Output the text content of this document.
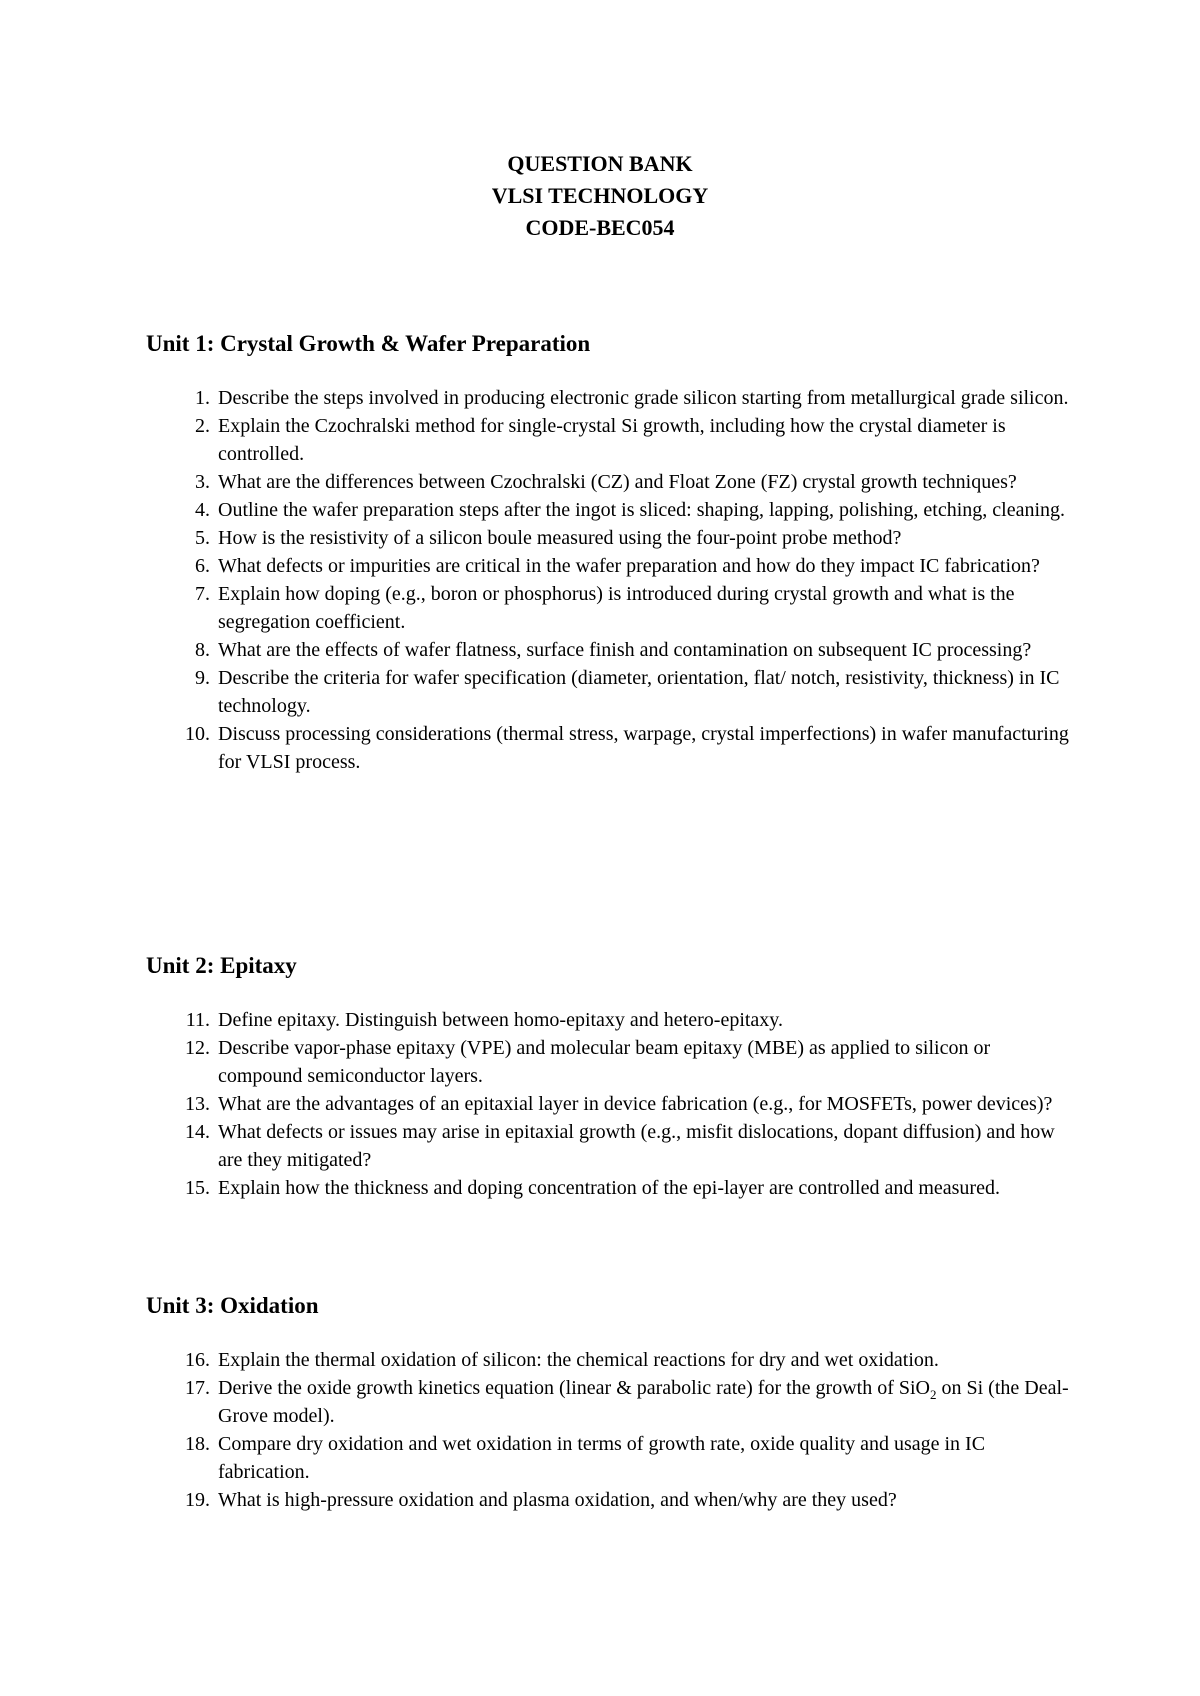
QUESTION BANK
VLSI TECHNOLOGY
CODE-BEC054
Unit 1: Crystal Growth & Wafer Preparation
1. Describe the steps involved in producing electronic grade silicon starting from metallurgical grade silicon.
2. Explain the Czochralski method for single-crystal Si growth, including how the crystal diameter is controlled.
3. What are the differences between Czochralski (CZ) and Float Zone (FZ) crystal growth techniques?
4. Outline the wafer preparation steps after the ingot is sliced: shaping, lapping, polishing, etching, cleaning.
5. How is the resistivity of a silicon boule measured using the four-point probe method?
6. What defects or impurities are critical in the wafer preparation and how do they impact IC fabrication?
7. Explain how doping (e.g., boron or phosphorus) is introduced during crystal growth and what is the segregation coefficient.
8. What are the effects of wafer flatness, surface finish and contamination on subsequent IC processing?
9. Describe the criteria for wafer specification (diameter, orientation, flat/ notch, resistivity, thickness) in IC technology.
10. Discuss processing considerations (thermal stress, warpage, crystal imperfections) in wafer manufacturing for VLSI process.
Unit 2: Epitaxy
11. Define epitaxy. Distinguish between homo-epitaxy and hetero-epitaxy.
12. Describe vapor-phase epitaxy (VPE) and molecular beam epitaxy (MBE) as applied to silicon or compound semiconductor layers.
13. What are the advantages of an epitaxial layer in device fabrication (e.g., for MOSFETs, power devices)?
14. What defects or issues may arise in epitaxial growth (e.g., misfit dislocations, dopant diffusion) and how are they mitigated?
15. Explain how the thickness and doping concentration of the epi-layer are controlled and measured.
Unit 3: Oxidation
16. Explain the thermal oxidation of silicon: the chemical reactions for dry and wet oxidation.
17. Derive the oxide growth kinetics equation (linear & parabolic rate) for the growth of SiO$_2$ on Si (the Deal-Grove model).
18. Compare dry oxidation and wet oxidation in terms of growth rate, oxide quality and usage in IC fabrication.
19. What is high-pressure oxidation and plasma oxidation, and when/why are they used?
